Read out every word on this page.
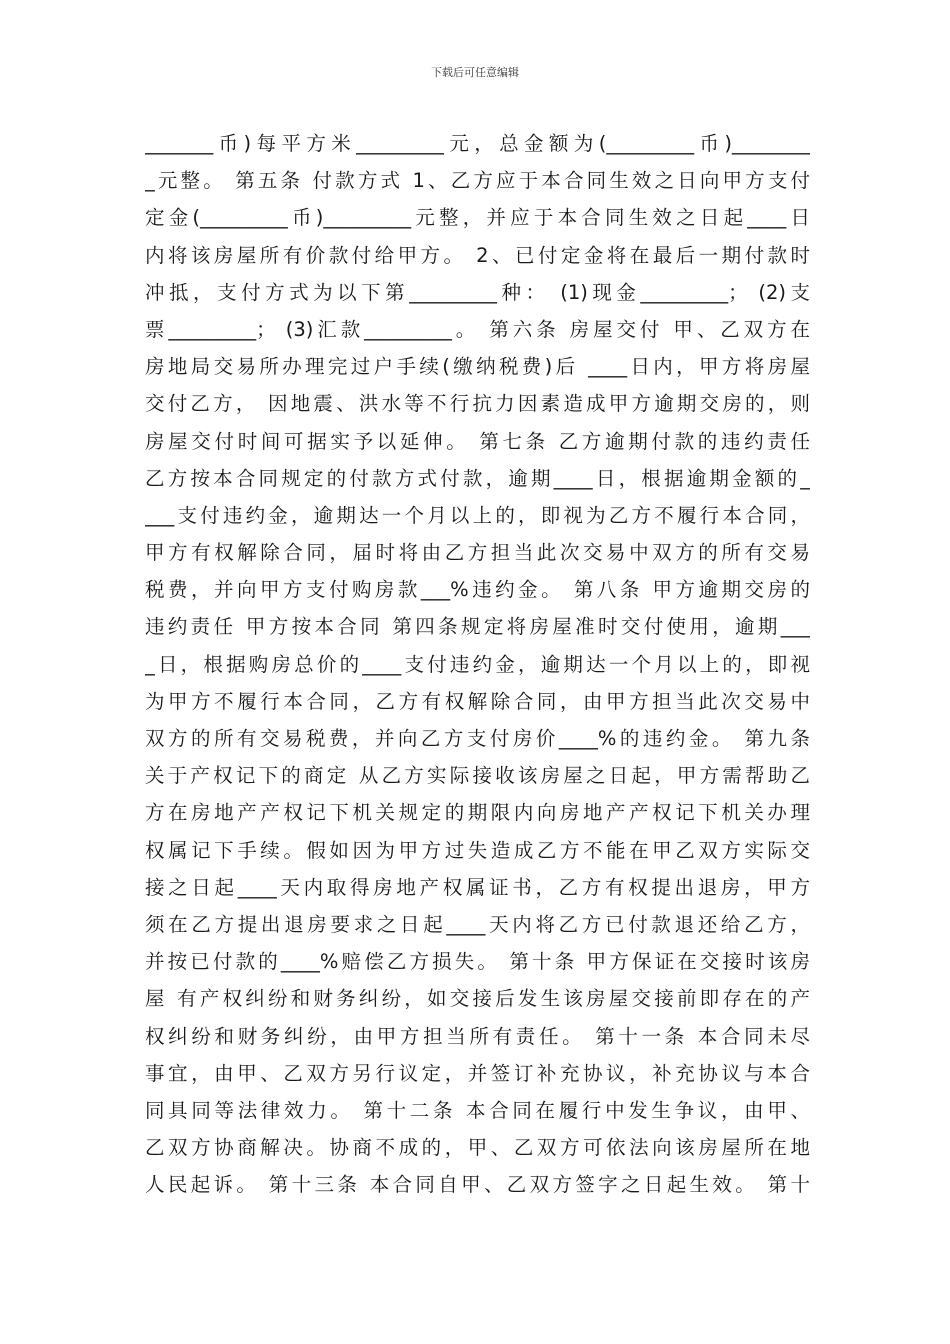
下载后可任意编辑
_______币)每平方米_________元，总金额为(_________币)________
_元整。 第五条 付款方式 1、乙方应于本合同生效之日向甲方支付
定金(_________币)_________元整，并应于本合同生效之日起____日
内将该房屋所有价款付给甲方。 2、已付定金将在最后一期付款时
冲抵，支付方式为以下第_________种： (1)现金_________； (2)支
票_________； (3)汇款_________。 第六条 房屋交付 甲、乙双方在
房地局交易所办理完过户手续(缴纳税费)后 ____日内，甲方将房屋
交付乙方， 因地震、洪水等不行抗力因素造成甲方逾期交房的，则
房屋交付时间可据实予以延伸。 第七条 乙方逾期付款的违约责任
乙方按本合同规定的付款方式付款，逾期____日，根据逾期金额的_
___支付违约金，逾期达一个月以上的，即视为乙方不履行本合同，
甲方有权解除合同，届时将由乙方担当此次交易中双方的所有交易
税费，并向甲方支付购房款___%违约金。 第八条 甲方逾期交房的
违约责任 甲方按本合同 第四条规定将房屋准时交付使用，逾期___
_日，根据购房总价的____支付违约金，逾期达一个月以上的，即视
为甲方不履行本合同，乙方有权解除合同，由甲方担当此次交易中
双方的所有交易税费，并向乙方支付房价____%的违约金。 第九条
关于产权记下的商定 从乙方实际接收该房屋之日起，甲方需帮助乙
方在房地产产权记下机关规定的期限内向房地产产权记下机关办理
权属记下手续。假如因为甲方过失造成乙方不能在甲乙双方实际交
接之日起____天内取得房地产权属证书，乙方有权提出退房，甲方
须在乙方提出退房要求之日起____天内将乙方已付款退还给乙方，
并按已付款的____%赔偿乙方损失。 第十条 甲方保证在交接时该房
屋 有产权纠纷和财务纠纷，如交接后发生该房屋交接前即存在的产
权纠纷和财务纠纷，由甲方担当所有责任。 第十一条 本合同未尽
事宜，由甲、乙双方另行议定，并签订补充协议，补充协议与本合
同具同等法律效力。 第十二条 本合同在履行中发生争议，由甲、
乙双方协商解决。协商不成的，甲、乙双方可依法向该房屋所在地
人民起诉。 第十三条 本合同自甲、乙双方签字之日起生效。 第十
